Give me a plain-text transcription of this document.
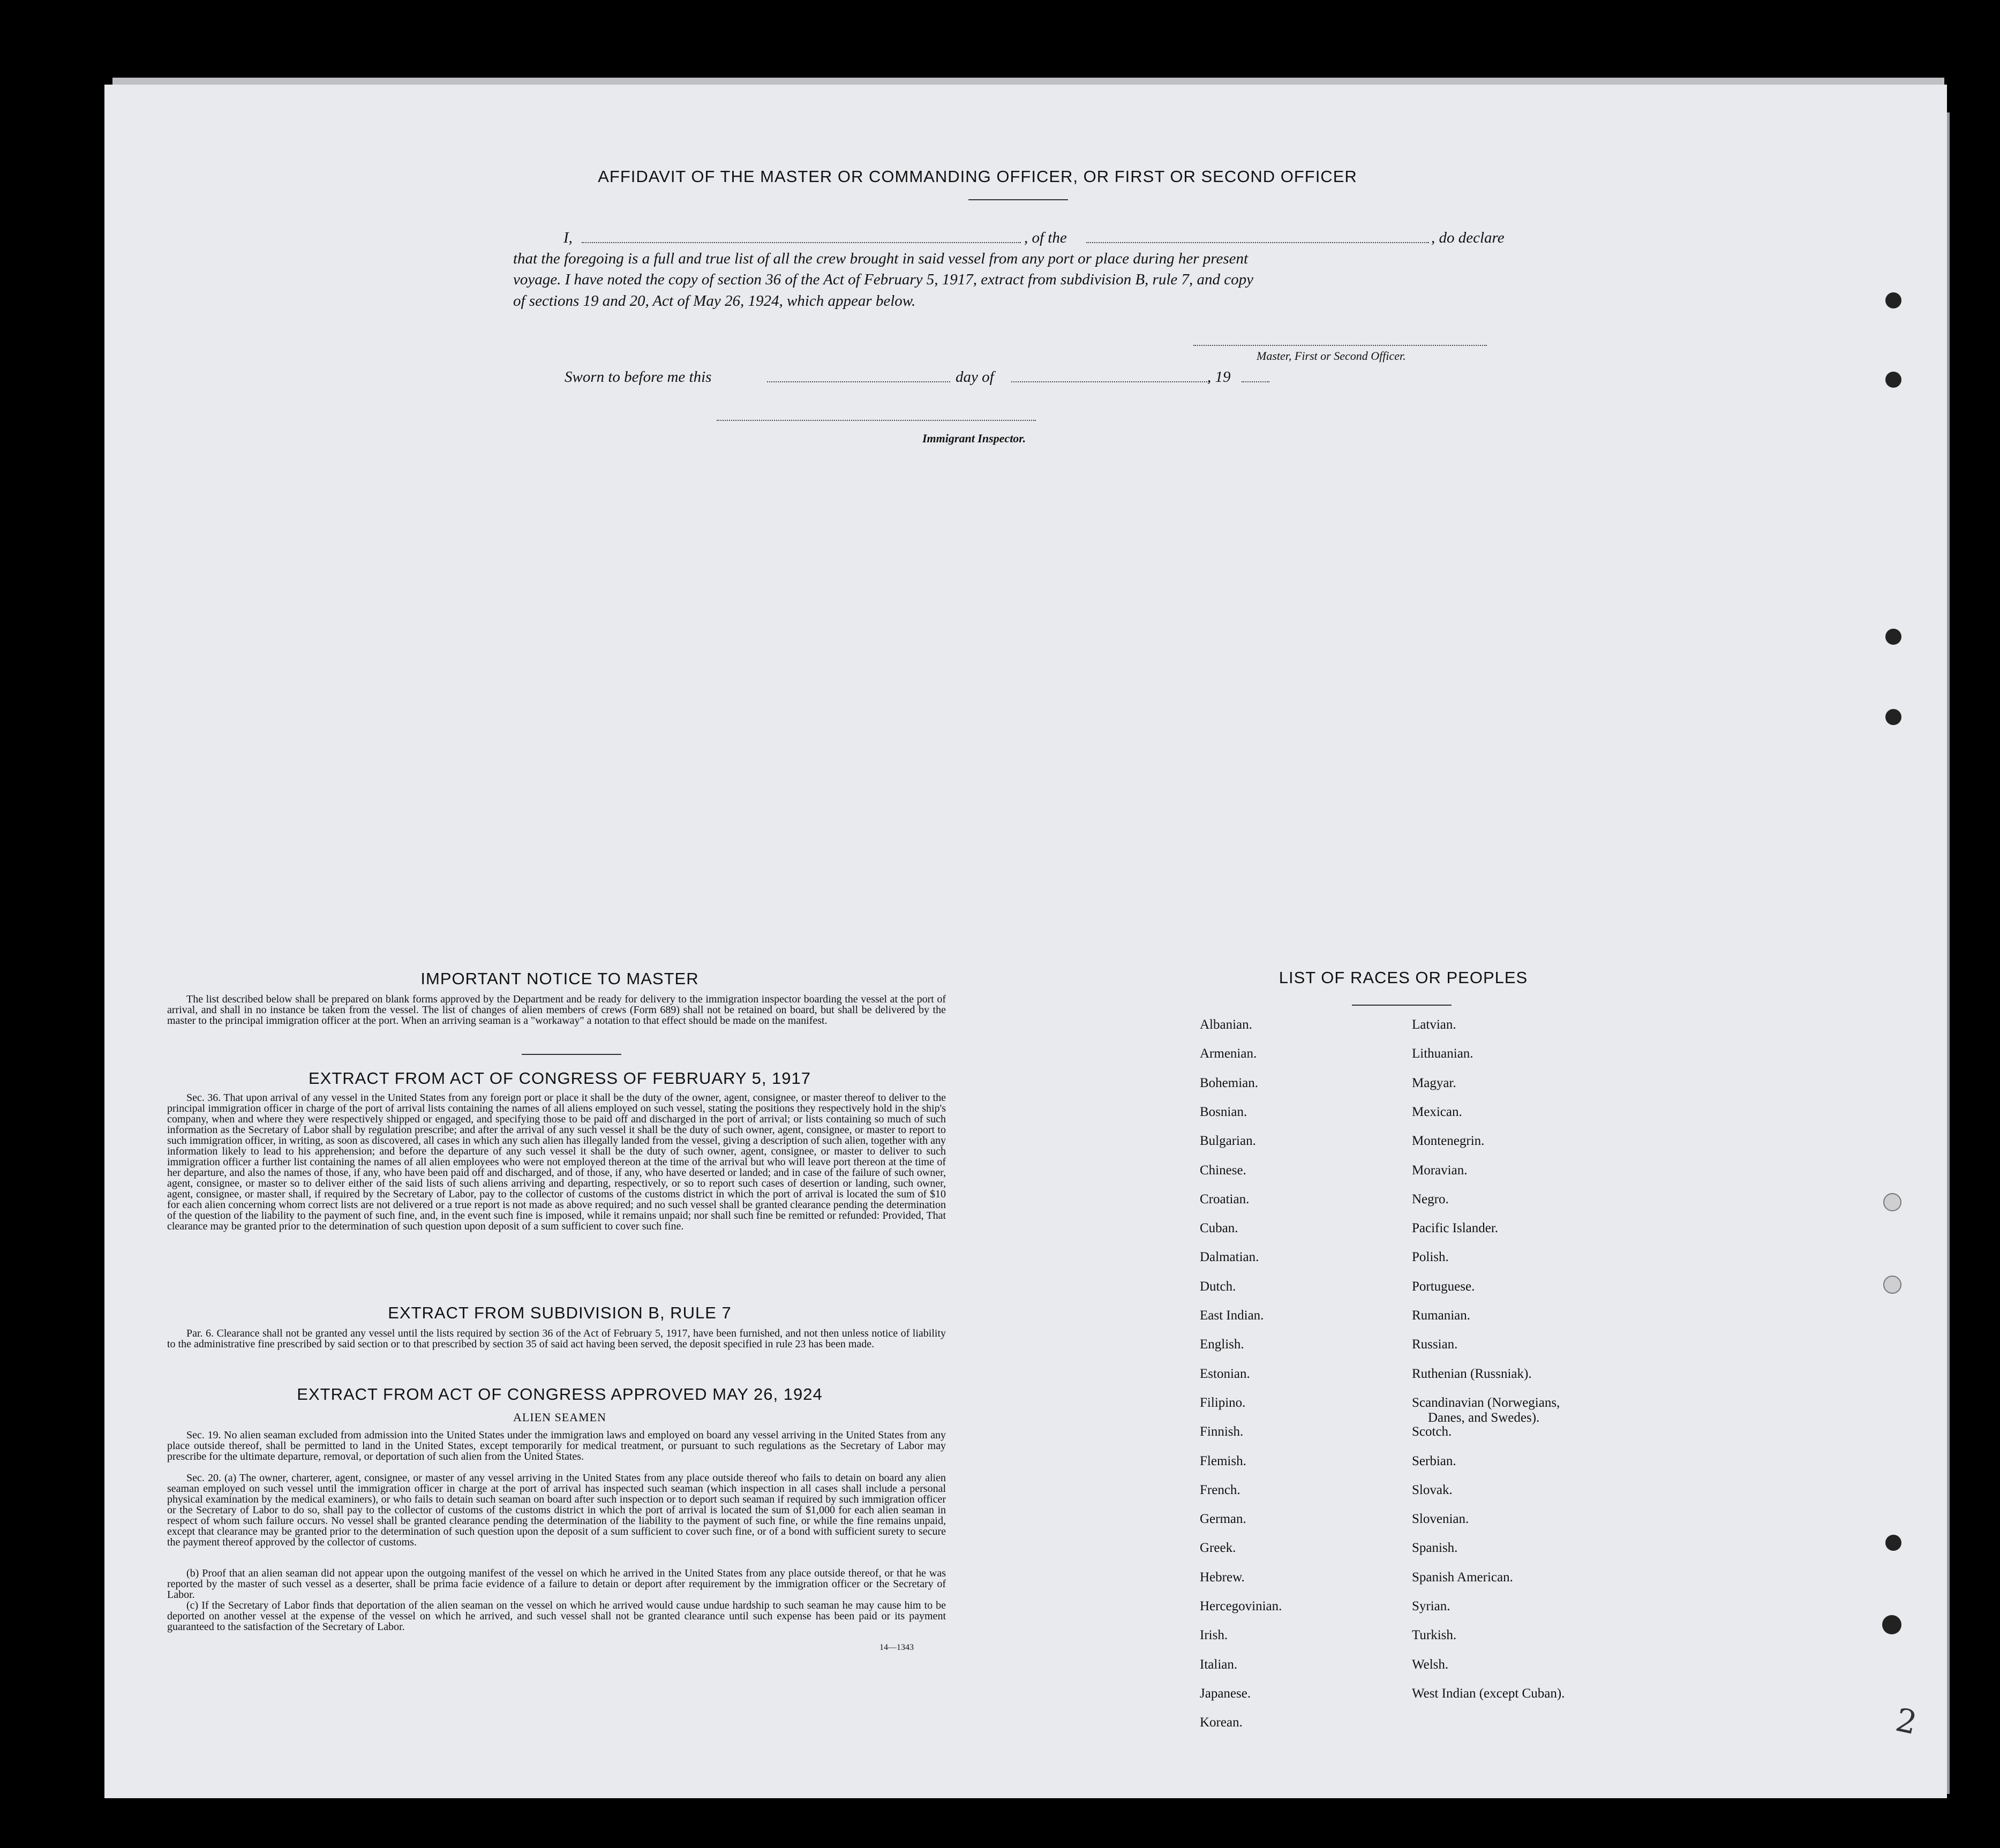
AFFIDAVIT OF THE MASTER OR COMMANDING OFFICER, OR FIRST OR SECOND OFFICER
I,	, of the	, do declare
that the foregoing is a full and true list of all the crew brought in said vessel from any port or place during her present
voyage. I have noted the copy of section 36 of the Act of February 5, 1917, extract from subdivision B, rule 7, and copy
of sections 19 and 20, Act of May 26, 1924, which appear below.
Master, First or Second Officer.
Sworn to before me this	day of	, 19
Immigrant Inspector.
IMPORTANT NOTICE TO MASTER
The list described below shall be prepared on blank forms approved by the Department and be ready for delivery to the immigration inspector boarding the vessel at the port of arrival, and shall in no instance be taken from the vessel. The list of changes of alien members of crews (Form 689) shall not be retained on board, but shall be delivered by the master to the principal immigration officer at the port. When an arriving seaman is a "workaway" a notation to that effect should be made on the manifest.
EXTRACT FROM ACT OF CONGRESS OF FEBRUARY 5, 1917
Sec. 36. That upon arrival of any vessel in the United States from any foreign port or place it shall be the duty of the owner, agent, consignee, or master thereof to deliver to the principal immigration officer in charge of the port of arrival lists containing the names of all aliens employed on such vessel, stating the positions they respectively hold in the ship's company, when and where they were respectively shipped or engaged, and specifying those to be paid off and discharged in the port of arrival; or lists containing so much of such information as the Secretary of Labor shall by regulation prescribe; and after the arrival of any such vessel it shall be the duty of such owner, agent, consignee, or master to report to such immigration officer, in writing, as soon as discovered, all cases in which any such alien has illegally landed from the vessel, giving a description of such alien, together with any information likely to lead to his apprehension; and before the departure of any such vessel it shall be the duty of such owner, agent, consignee, or master to deliver to such immigration officer a further list containing the names of all alien employees who were not employed thereon at the time of the arrival but who will leave port thereon at the time of her departure, and also the names of those, if any, who have been paid off and discharged, and of those, if any, who have deserted or landed; and in case of the failure of such owner, agent, consignee, or master so to deliver either of the said lists of such aliens arriving and departing, respectively, or so to report such cases of desertion or landing, such owner, agent, consignee, or master shall, if required by the Secretary of Labor, pay to the collector of customs of the customs district in which the port of arrival is located the sum of $10 for each alien concerning whom correct lists are not delivered or a true report is not made as above required; and no such vessel shall be granted clearance pending the determination of the question of the liability to the payment of such fine, and, in the event such fine is imposed, while it remains unpaid; nor shall such fine be remitted or refunded: Provided, That clearance may be granted prior to the determination of such question upon deposit of a sum sufficient to cover such fine.
EXTRACT FROM SUBDIVISION B, RULE 7
Par. 6. Clearance shall not be granted any vessel until the lists required by section 36 of the Act of February 5, 1917, have been furnished, and not then unless notice of liability to the administrative fine prescribed by said section or to that prescribed by section 35 of said act having been served, the deposit specified in rule 23 has been made.
EXTRACT FROM ACT OF CONGRESS APPROVED MAY 26, 1924
ALIEN SEAMEN
Sec. 19. No alien seaman excluded from admission into the United States under the immigration laws and employed on board any vessel arriving in the United States from any place outside thereof, shall be permitted to land in the United States, except temporarily for medical treatment, or pursuant to such regulations as the Secretary of Labor may prescribe for the ultimate departure, removal, or deportation of such alien from the United States.
Sec. 20. (a) The owner, charterer, agent, consignee, or master of any vessel arriving in the United States from any place outside thereof who fails to detain on board any alien seaman employed on such vessel until the immigration officer in charge at the port of arrival has inspected such seaman (which inspection in all cases shall include a personal physical examination by the medical examiners), or who fails to detain such seaman on board after such inspection or to deport such seaman if required by such immigration officer or the Secretary of Labor to do so, shall pay to the collector of customs of the customs district in which the port of arrival is located the sum of $1,000 for each alien seaman in respect of whom such failure occurs. No vessel shall be granted clearance pending the determination of the liability to the payment of such fine, or while the fine remains unpaid, except that clearance may be granted prior to the determination of such question upon the deposit of a sum sufficient to cover such fine, or of a bond with sufficient surety to secure the payment thereof approved by the collector of customs.
(b) Proof that an alien seaman did not appear upon the outgoing manifest of the vessel on which he arrived in the United States from any place outside thereof, or that he was reported by the master of such vessel as a deserter, shall be prima facie evidence of a failure to detain or deport after requirement by the immigration officer or the Secretary of Labor.
(c) If the Secretary of Labor finds that deportation of the alien seaman on the vessel on which he arrived would cause undue hardship to such seaman he may cause him to be deported on another vessel at the expense of the vessel on which he arrived, and such vessel shall not be granted clearance until such expense has been paid or its payment guaranteed to the satisfaction of the Secretary of Labor.
14—1343
LIST OF RACES OR PEOPLES
Albanian.
Armenian.
Bohemian.
Bosnian.
Bulgarian.
Chinese.
Croatian.
Cuban.
Dalmatian.
Dutch.
East Indian.
English.
Estonian.
Filipino.
Finnish.
Flemish.
French.
German.
Greek.
Hebrew.
Hercegovinian.
Irish.
Italian.
Japanese.
Korean.
Latvian.
Lithuanian.
Magyar.
Mexican.
Montenegrin.
Moravian.
Negro.
Pacific Islander.
Polish.
Portuguese.
Rumanian.
Russian.
Ruthenian (Russniak).
Scandinavian (Norwegians,
Danes, and Swedes).
Scotch.
Serbian.
Slovak.
Slovenian.
Spanish.
Spanish American.
Syrian.
Turkish.
Welsh.
West Indian (except Cuban).
2
